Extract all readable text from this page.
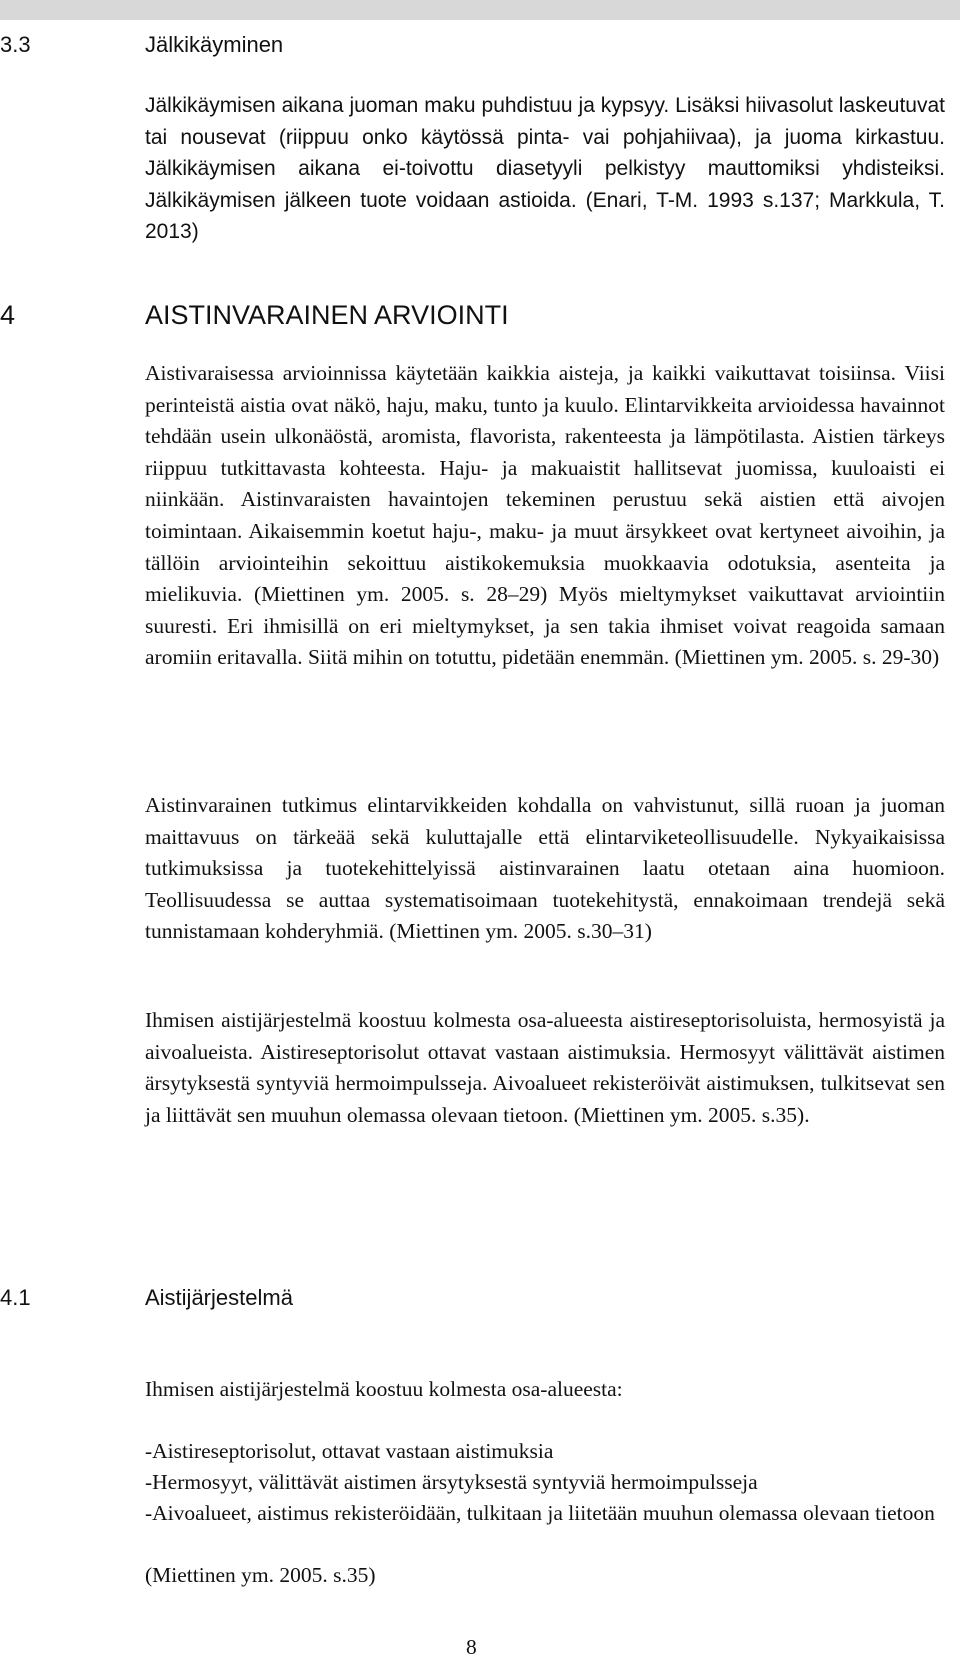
3.3	Jälkikäyminen

Jälkikäymisen aikana juoman maku puhdistuu ja kypsyy. Lisäksi hiivasolut laskeutuvat tai nousevat (riippuu onko käytössä pinta- vai pohjahiivaa), ja juoma kirkastuu. Jälkikäymisen aikana ei-toivottu diasetyyli pelkistyy mauttomiksi yhdisteiksi. Jälkikäymisen jälkeen tuote voidaan astioida. (Enari, T-M. 1993 s.137; Markkula, T. 2013)

4	AISTINVARAINEN ARVIOINTI

Aistivaraisessa arvioinnissa käytetään kaikkia aisteja, ja kaikki vaikuttavat toisiinsa. Viisi perinteistä aistia ovat näkö, haju, maku, tunto ja kuulo. Elintarvikkeita arvioidessa havainnot tehdään usein ulkonäöstä, aromista, flavorista, rakenteesta ja lämpötilasta. Aistien tärkeys riippuu tutkittavasta kohteesta. Haju- ja makuaistit hallitsevat juomissa, kuuloaisti ei niinkään. Aistinvaraisten havaintojen tekeminen perustuu sekä aistien että aivojen toimintaan. Aikaisemmin koetut haju-, maku- ja muut ärsykkeet ovat kertyneet aivoihin, ja tällöin arviointeihin sekoittuu aistikokemuksia muokkaavia odotuksia, asenteita ja mielikuvia. (Miettinen ym. 2005. s. 28–29) Myös mieltymykset vaikuttavat arviointiin suuresti. Eri ihmisillä on eri mieltymykset, ja sen takia ihmiset voivat reagoida samaan aromiin eritavalla. Siitä mihin on totuttu, pidetään enemmän. (Miettinen ym. 2005. s. 29-30)

Aistinvarainen tutkimus elintarvikkeiden kohdalla on vahvistunut, sillä ruoan ja juoman maittavuus on tärkeää sekä kuluttajalle että elintarviketeollisuudelle. Nykyaikaisissa tutkimuksissa ja tuotekehittelyissä aistinvarainen laatu otetaan aina huomioon. Teollisuudessa se auttaa systematisoimaan tuotekehitystä, ennakoimaan trendejä sekä tunnistamaan kohderyhmiä. (Miettinen ym. 2005. s.30–31)

Ihmisen aistijärjestelmä koostuu kolmesta osa-alueesta aistireseptorisoluista, hermosyistä ja aivoalueista. Aistireseptorisolut ottavat vastaan aistimuksia. Hermosyyt välittävät aistimen ärsytyksestä syntyviä hermoimpulsseja. Aivoalueet rekisteröivät aistimuksen, tulkitsevat sen ja liittävät sen muuhun olemassa olevaan tietoon. (Miettinen ym. 2005. s.35).

4.1	Aistijärjestelmä

Ihmisen aistijärjestelmä koostuu kolmesta osa-alueesta:

-Aistireseptorisolut, ottavat vastaan aistimuksia
-Hermosyyt, välittävät aistimen ärsytyksestä syntyviä hermoimpulsseja
-Aivoalueet, aistimus rekisteröidään, tulkitaan ja liitetään muuhun olemassa olevaan tietoon
(Miettinen ym. 2005. s.35)
8
